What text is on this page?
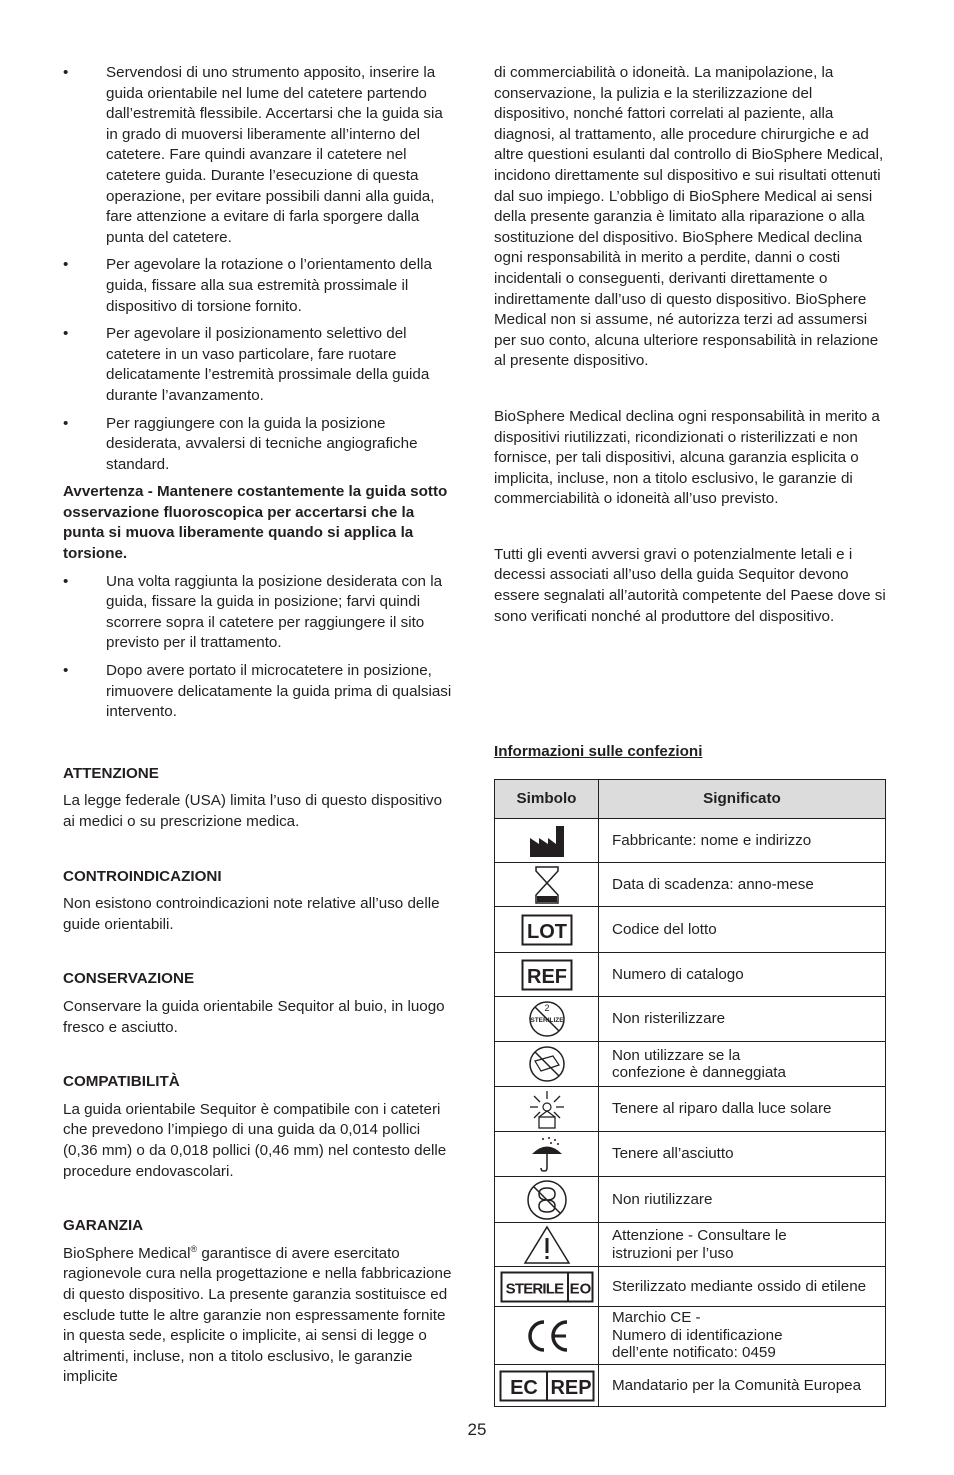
• Servendosi di uno strumento apposito, inserire la guida orientabile nel lume del catetere partendo dall’estremità flessibile. Accertarsi che la guida sia in grado di muoversi liberamente all’interno del catetere. Fare quindi avanzare il catetere nel catetere guida. Durante l’esecuzione di questa operazione, per evitare possibili danni alla guida, fare attenzione a evitare di farla sporgere dalla punta del catetere.
• Per agevolare la rotazione o l’orientamento della guida, fissare alla sua estremità prossimale il dispositivo di torsione fornito.
• Per agevolare il posizionamento selettivo del catetere in un vaso particolare, fare ruotare delicatamente l’estremità prossimale della guida durante l’avanzamento.
• Per raggiungere con la guida la posizione desiderata, avvalersi di tecniche angiografiche standard.

Avvertenza - Mantenere costantemente la guida sotto osservazione fluoroscopica per accertarsi che la punta si muova liberamente quando si applica la torsione.

• Una volta raggiunta la posizione desiderata con la guida, fissare la guida in posizione; farvi quindi scorrere sopra il catetere per raggiungere il sito previsto per il trattamento.
• Dopo avere portato il microcatetere in posizione, rimuovere delicatamente la guida prima di qualsiasi intervento.
ATTENZIONE

La legge federale (USA) limita l’uso di questo dispositivo ai medici o su prescrizione medica.

CONTROINDICAZIONI

Non esistono controindicazioni note relative all’uso delle guide orientabili.

CONSERVAZIONE

Conservare la guida orientabile Sequitor al buio, in luogo fresco e asciutto.

COMPATIBILITÀ

La guida orientabile Sequitor è compatibile con i cateteri che prevedono l’impiego di una guida da 0,014 pollici (0,36 mm) o da 0,018 pollici (0,46 mm) nel contesto delle procedure endovascolari.

GARANZIA

BioSphere Medical® garantisce di avere esercitato ragionevole cura nella progettazione e nella fabbricazione di questo dispositivo. La presente garanzia sostituisce ed esclude tutte le altre garanzie non espressamente fornite in questa sede, esplicite o implicite, ai sensi di legge o altrimenti, incluse, non a titolo esclusivo, le garanzie implicite

di commerciabilità o idoneità. La manipolazione, la conservazione, la pulizia e la sterilizzazione del dispositivo, nonché fattori correlati al paziente, alla diagnosi, al trattamento, alle procedure chirurgiche e ad altre questioni esulanti dal controllo di BioSphere Medical, incidono direttamente sul dispositivo e sui risultati ottenuti dal suo impiego. L’obbligo di BioSphere Medical ai sensi della presente garanzia è limitato alla riparazione o alla sostituzione del dispositivo. BioSphere Medical declina ogni responsabilità in merito a perdite, danni o costi incidentali o conseguenti, derivanti direttamente o indirettamente dall’uso di questo dispositivo. BioSphere Medical non si assume, né autorizza terzi ad assumersi per suo conto, alcuna ulteriore responsabilità in relazione al presente dispositivo.

BioSphere Medical declina ogni responsabilità in merito a dispositivi riutilizzati, ricondizionati o risterilizzati e non fornisce, per tali dispositivi, alcuna garanzia esplicita o implicita, incluse, non a titolo esclusivo, le garanzie di commerciabilità o idoneità all’uso previsto.

Tutti gli eventi avversi gravi o potenzialmente letali e i decessi associati all’uso della guida Sequitor devono essere segnalati all’autorità competente del Paese dove si sono verificati nonché al produttore del dispositivo.

Informazioni sulle confezioni
Simbolo	Significato

	Fabbricante: nome e indirizzo

	Data di scadenza: anno-mese

LOT	Codice del lotto

REF	Numero di catalogo

2
STERILIZE	Non risterilizzare

	Non utilizzare se la
confezione è danneggiata

	Tenere al riparo dalla luce solare

	Tenere all’asciutto

	Non riutilizzare

	Attenzione - Consultare le
istruzioni per l’uso

STERILE EO	Sterilizzato mediante ossido di etilene

	Marchio CE -
Numero di identificazione
dell’ente notificato: 0459

EC REP	Mandatario per la Comunità Europea
25
